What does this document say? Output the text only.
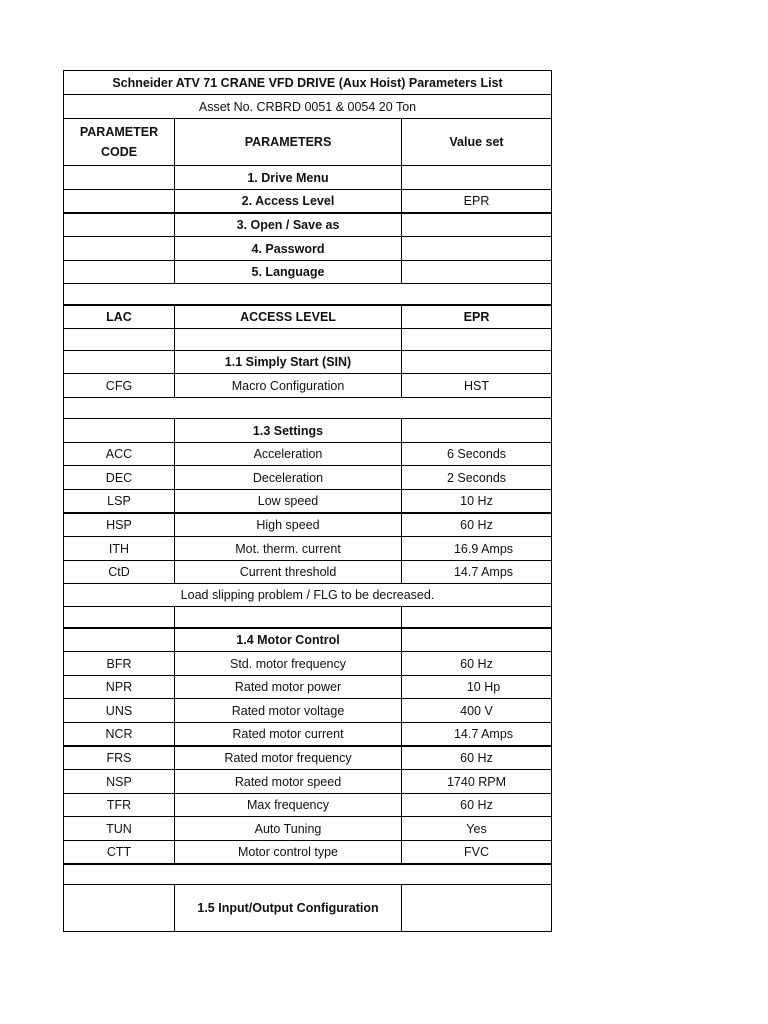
Schneider ATV 71 CRANE VFD DRIVE (Aux Hoist) Parameters List		
Asset No. CRBRD 0051 & 0054 20 Ton		
PARAMETER CODE	PARAMETERS	Value set
	1. Drive Menu	
	2. Access Level	EPR
	3. Open / Save as	
	4. Password	
	5. Language	

LAC	ACCESS LEVEL	EPR

	1.1 Simply Start (SIN)	
CFG	Macro Configuration	HST

	1.3 Settings	
ACC	Acceleration	6 Seconds
DEC	Deceleration	2 Seconds
LSP	Low speed	10 Hz
HSP	High speed	60 Hz
ITH	Mot. therm. current	16.9 Amps
CtD	Current threshold	14.7 Amps
Load slipping problem / FLG to be decreased.		

	1.4 Motor Control	
BFR	Std. motor frequency	60 Hz
NPR	Rated motor power	10 Hp
UNS	Rated motor voltage	400 V
NCR	Rated motor current	14.7 Amps
FRS	Rated motor frequency	60 Hz
NSP	Rated motor speed	1740 RPM
TFR	Max frequency	60 Hz
TUN	Auto Tuning	Yes
CTT	Motor control type	FVC

	1.5 Input/Output Configuration	
